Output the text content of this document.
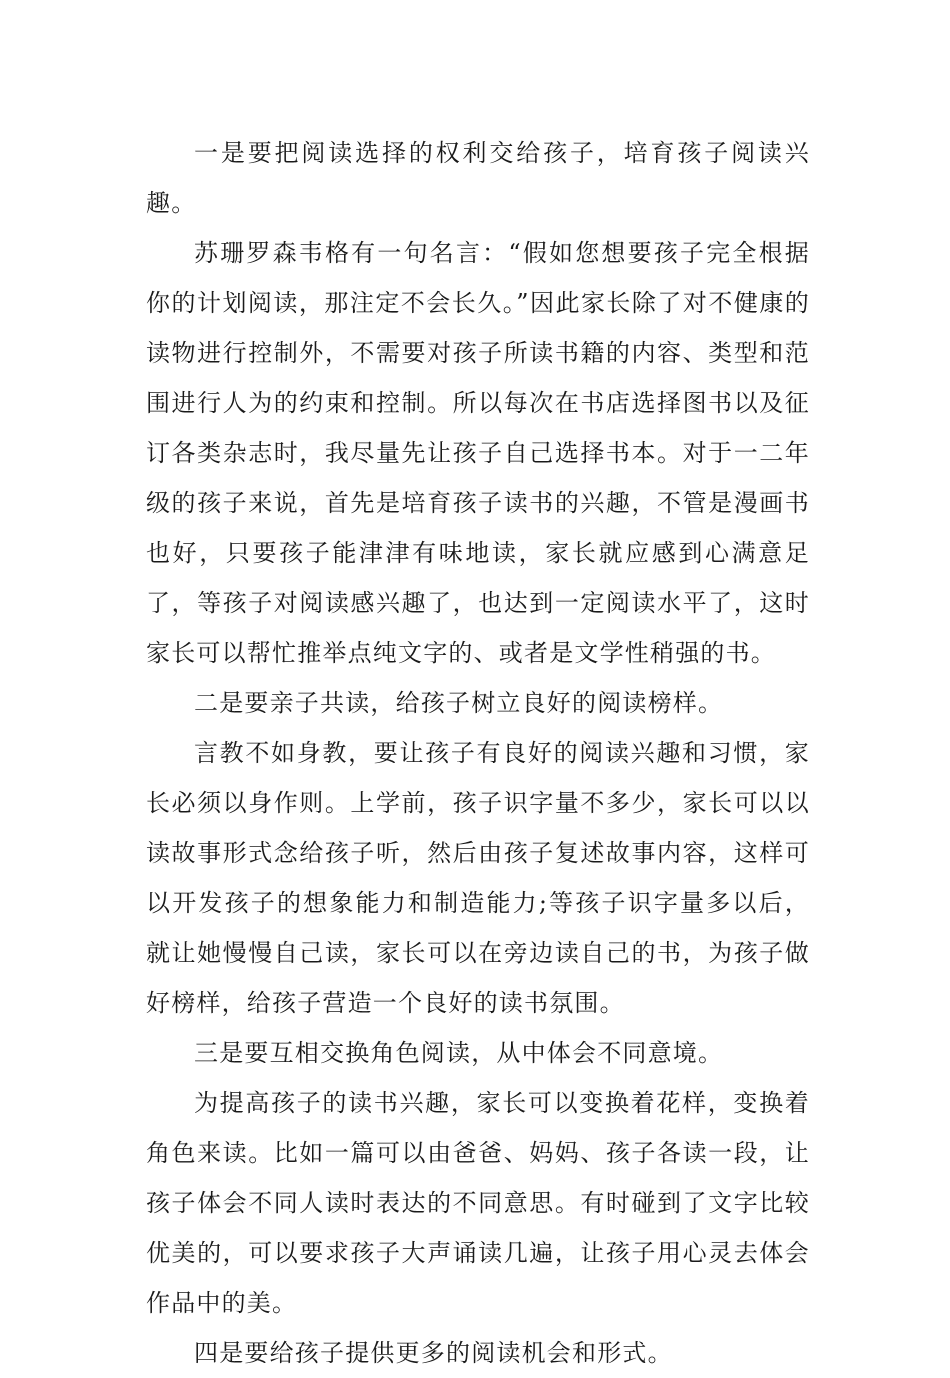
一是要把阅读选择的权利交给孩子，培育孩子阅读兴趣。

苏珊罗森韦格有一句名言：“假如您想要孩子完全根据你的计划阅读，那注定不会长久。”因此家长除了对不健康的读物进行控制外，不需要对孩子所读书籍的内容、类型和范围进行人为的约束和控制。所以每次在书店选择图书以及征订各类杂志时，我尽量先让孩子自己选择书本。对于一二年级的孩子来说，首先是培育孩子读书的兴趣，不管是漫画书也好，只要孩子能津津有味地读，家长就应感到心满意足了，等孩子对阅读感兴趣了，也达到一定阅读水平了，这时家长可以帮忙推举点纯文字的、或者是文学性稍强的书。

二是要亲子共读，给孩子树立良好的阅读榜样。

言教不如身教，要让孩子有良好的阅读兴趣和习惯，家长必须以身作则。上学前，孩子识字量不多少，家长可以以读故事形式念给孩子听，然后由孩子复述故事内容，这样可以开发孩子的想象能力和制造能力;等孩子识字量多以后，就让她慢慢自己读，家长可以在旁边读自己的书，为孩子做好榜样，给孩子营造一个良好的读书氛围。

三是要互相交换角色阅读，从中体会不同意境。

为提高孩子的读书兴趣，家长可以变换着花样，变换着角色来读。比如一篇可以由爸爸、妈妈、孩子各读一段，让孩子体会不同人读时表达的不同意思。有时碰到了文字比较优美的，可以要求孩子大声诵读几遍，让孩子用心灵去体会作品中的美。

四是要给孩子提供更多的阅读机会和形式。
